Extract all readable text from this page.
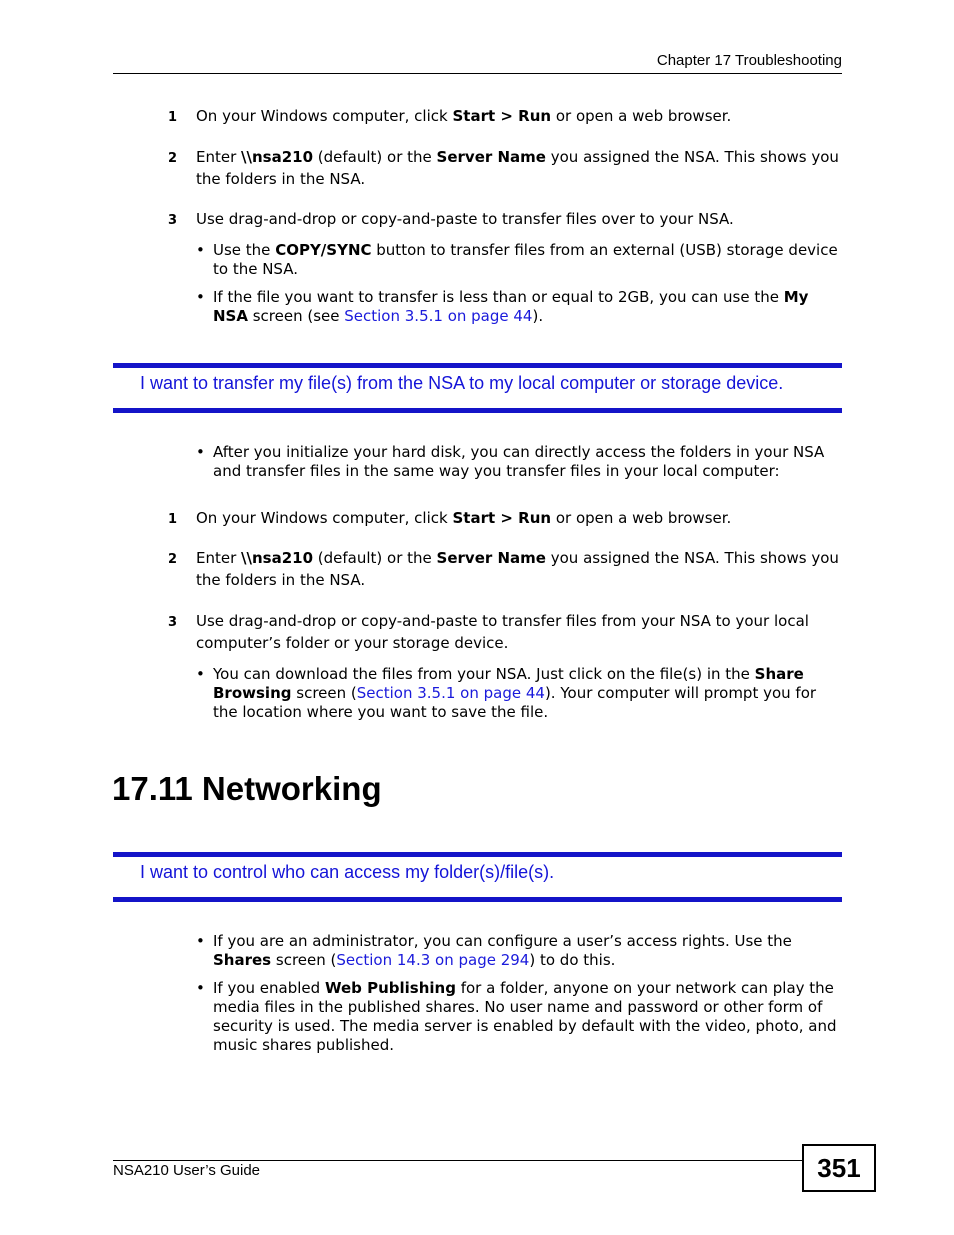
Chapter 17 Troubleshooting
1 On your Windows computer, click Start > Run or open a web browser.
2 Enter \\nsa210 (default) or the Server Name you assigned the NSA. This shows you the folders in the NSA.
3 Use drag-and-drop or copy-and-paste to transfer files over to your NSA.
• Use the COPY/SYNC button to transfer files from an external (USB) storage device to the NSA.
• If the file you want to transfer is less than or equal to 2GB, you can use the My NSA screen (see Section 3.5.1 on page 44).
I want to transfer my file(s) from the NSA to my local computer or storage device.
• After you initialize your hard disk, you can directly access the folders in your NSA and transfer files in the same way you transfer files in your local computer:
1 On your Windows computer, click Start > Run or open a web browser.
2 Enter \\nsa210 (default) or the Server Name you assigned the NSA. This shows you the folders in the NSA.
3 Use drag-and-drop or copy-and-paste to transfer files from your NSA to your local computer’s folder or your storage device.
• You can download the files from your NSA. Just click on the file(s) in the Share Browsing screen (Section 3.5.1 on page 44). Your computer will prompt you for the location where you want to save the file.
17.11 Networking
I want to control who can access my folder(s)/file(s).
• If you are an administrator, you can configure a user’s access rights. Use the Shares screen (Section 14.3 on page 294) to do this.
• If you enabled Web Publishing for a folder, anyone on your network can play the media files in the published shares. No user name and password or other form of security is used. The media server is enabled by default with the video, photo, and music shares published.
NSA210 User’s Guide	351
